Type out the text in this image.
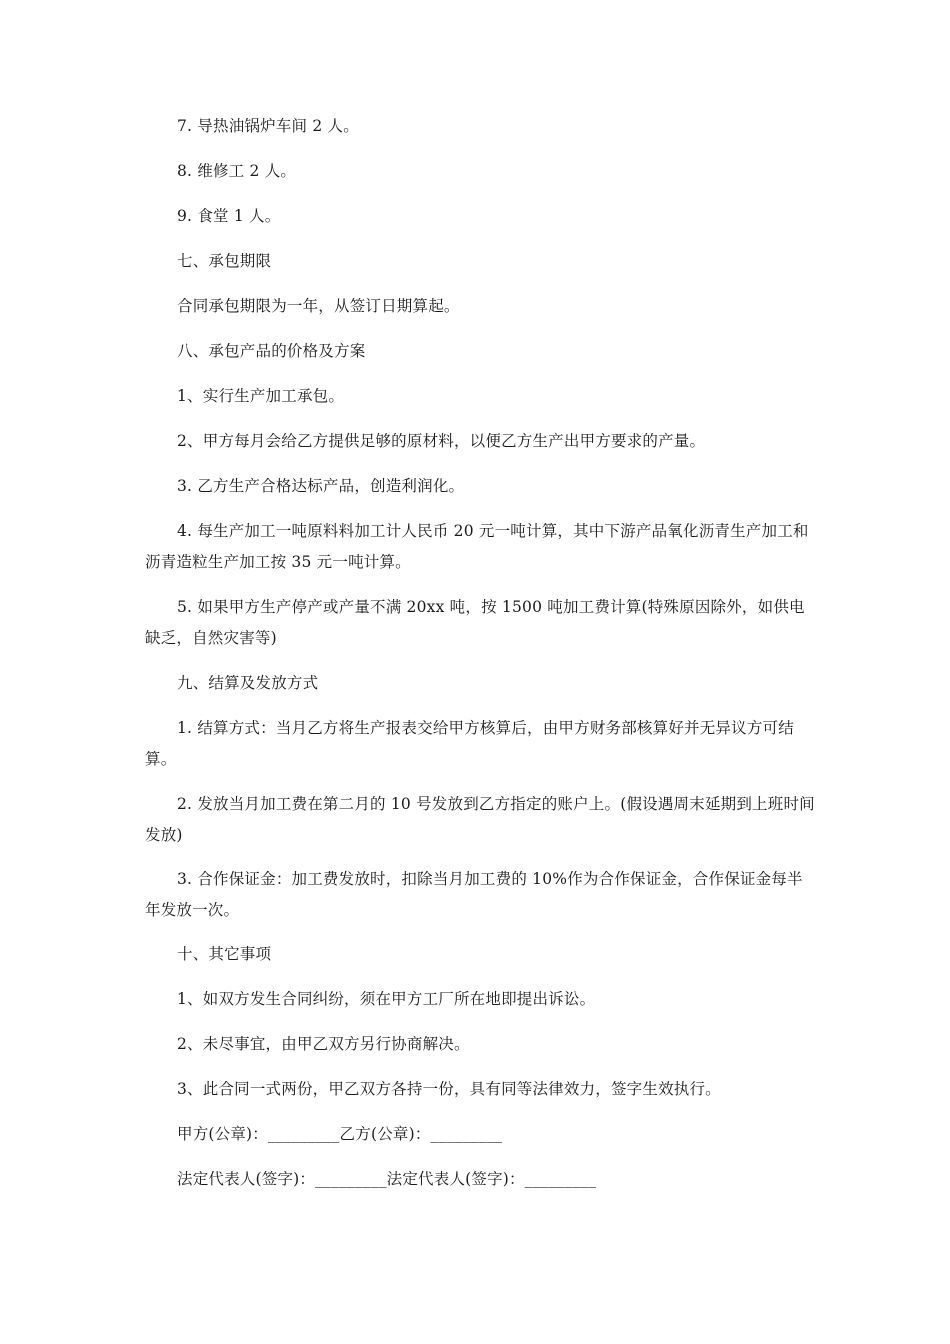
7. 导热油锅炉车间 2 人。
8. 维修工 2 人。
9. 食堂 1 人。
七、承包期限
合同承包期限为一年，从签订日期算起。
八、承包产品的价格及方案
1、实行生产加工承包。
2、甲方每月会给乙方提供足够的原材料，以便乙方生产出甲方要求的产量。
3. 乙方生产合格达标产品，创造利润化。
4. 每生产加工一吨原料料加工计人民币 20 元一吨计算，其中下游产品氧化沥青生产加工和沥青造粒生产加工按 35 元一吨计算。
5. 如果甲方生产停产或产量不满 20xx 吨，按 1500 吨加工费计算(特殊原因除外，如供电缺乏，自然灾害等)
九、结算及发放方式
1. 结算方式：当月乙方将生产报表交给甲方核算后，由甲方财务部核算好并无异议方可结算。
2. 发放当月加工费在第二月的 10 号发放到乙方指定的账户上。(假设遇周末延期到上班时间发放)
3. 合作保证金：加工费发放时，扣除当月加工费的 10%作为合作保证金，合作保证金每半年发放一次。
十、其它事项
1、如双方发生合同纠纷，须在甲方工厂所在地即提出诉讼。
2、未尽事宜，由甲乙双方另行协商解决。
3、此合同一式两份，甲乙双方各持一份，具有同等法律效力，签字生效执行。
甲方(公章)：_________乙方(公章)：_________
法定代表人(签字)：_________法定代表人(签字)：_________
